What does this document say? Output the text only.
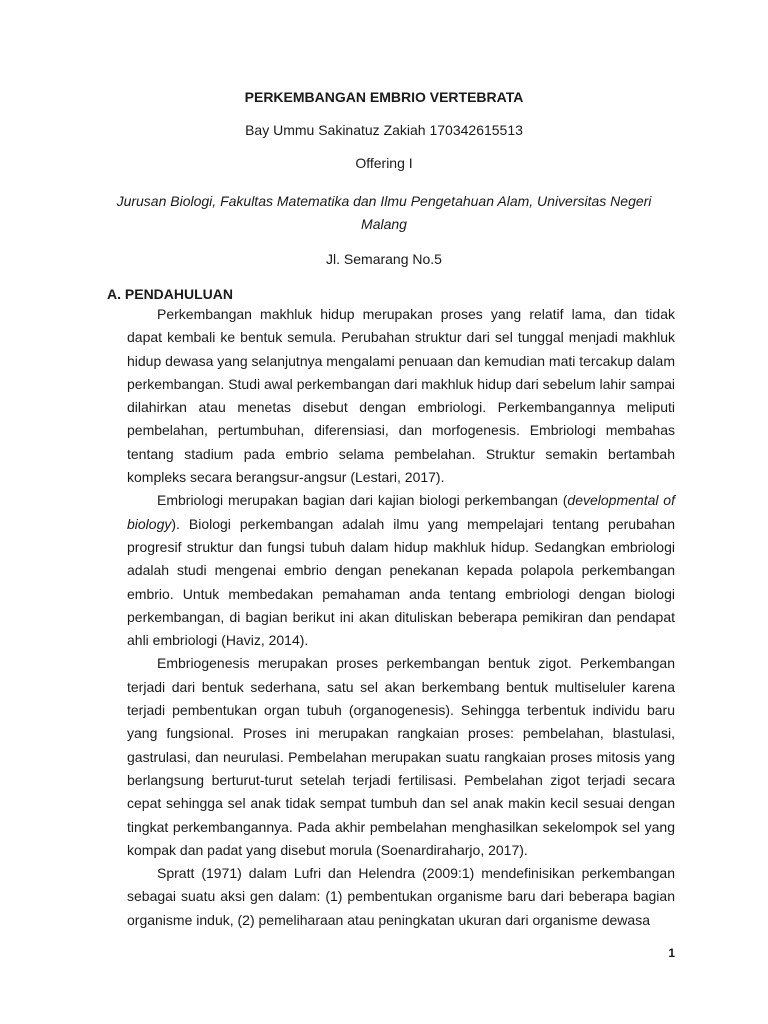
PERKEMBANGAN EMBRIO VERTEBRATA

Bay Ummu Sakinatuz Zakiah 170342615513

Offering I

Jurusan Biologi, Fakultas Matematika dan Ilmu Pengetahuan Alam, Universitas Negeri Malang

Jl. Semarang No.5

A. PENDAHULUAN

Perkembangan makhluk hidup merupakan proses yang relatif lama, dan tidak dapat kembali ke bentuk semula. Perubahan struktur dari sel tunggal menjadi makhluk hidup dewasa yang selanjutnya mengalami penuaan dan kemudian mati tercakup dalam perkembangan. Studi awal perkembangan dari makhluk hidup dari sebelum lahir sampai dilahirkan atau menetas disebut dengan embriologi. Perkembangannya meliputi pembelahan, pertumbuhan, diferensiasi, dan morfogenesis. Embriologi membahas tentang stadium pada embrio selama pembelahan. Struktur semakin bertambah kompleks secara berangsur-angsur (Lestari, 2017).

Embriologi merupakan bagian dari kajian biologi perkembangan (developmental of biology). Biologi perkembangan adalah ilmu yang mempelajari tentang perubahan progresif struktur dan fungsi tubuh dalam hidup makhluk hidup. Sedangkan embriologi adalah studi mengenai embrio dengan penekanan kepada polapola perkembangan embrio. Untuk membedakan pemahaman anda tentang embriologi dengan biologi perkembangan, di bagian berikut ini akan dituliskan beberapa pemikiran dan pendapat ahli embriologi (Haviz, 2014).

Embriogenesis merupakan proses perkembangan bentuk zigot. Perkembangan terjadi dari bentuk sederhana, satu sel akan berkembang bentuk multiseluler karena terjadi pembentukan organ tubuh (organogenesis). Sehingga terbentuk individu baru yang fungsional. Proses ini merupakan rangkaian proses: pembelahan, blastulasi, gastrulasi, dan neurulasi. Pembelahan merupakan suatu rangkaian proses mitosis yang berlangsung berturut-turut setelah terjadi fertilisasi. Pembelahan zigot terjadi secara cepat sehingga sel anak tidak sempat tumbuh dan sel anak makin kecil sesuai dengan tingkat perkembangannya. Pada akhir pembelahan menghasilkan sekelompok sel yang kompak dan padat yang disebut morula (Soenardiraharjo, 2017).

Spratt (1971) dalam Lufri dan Helendra (2009:1) mendefinisikan perkembangan sebagai suatu aksi gen dalam: (1) pembentukan organisme baru dari beberapa bagian organisme induk, (2) pemeliharaan atau peningkatan ukuran dari organisme dewasa

1
